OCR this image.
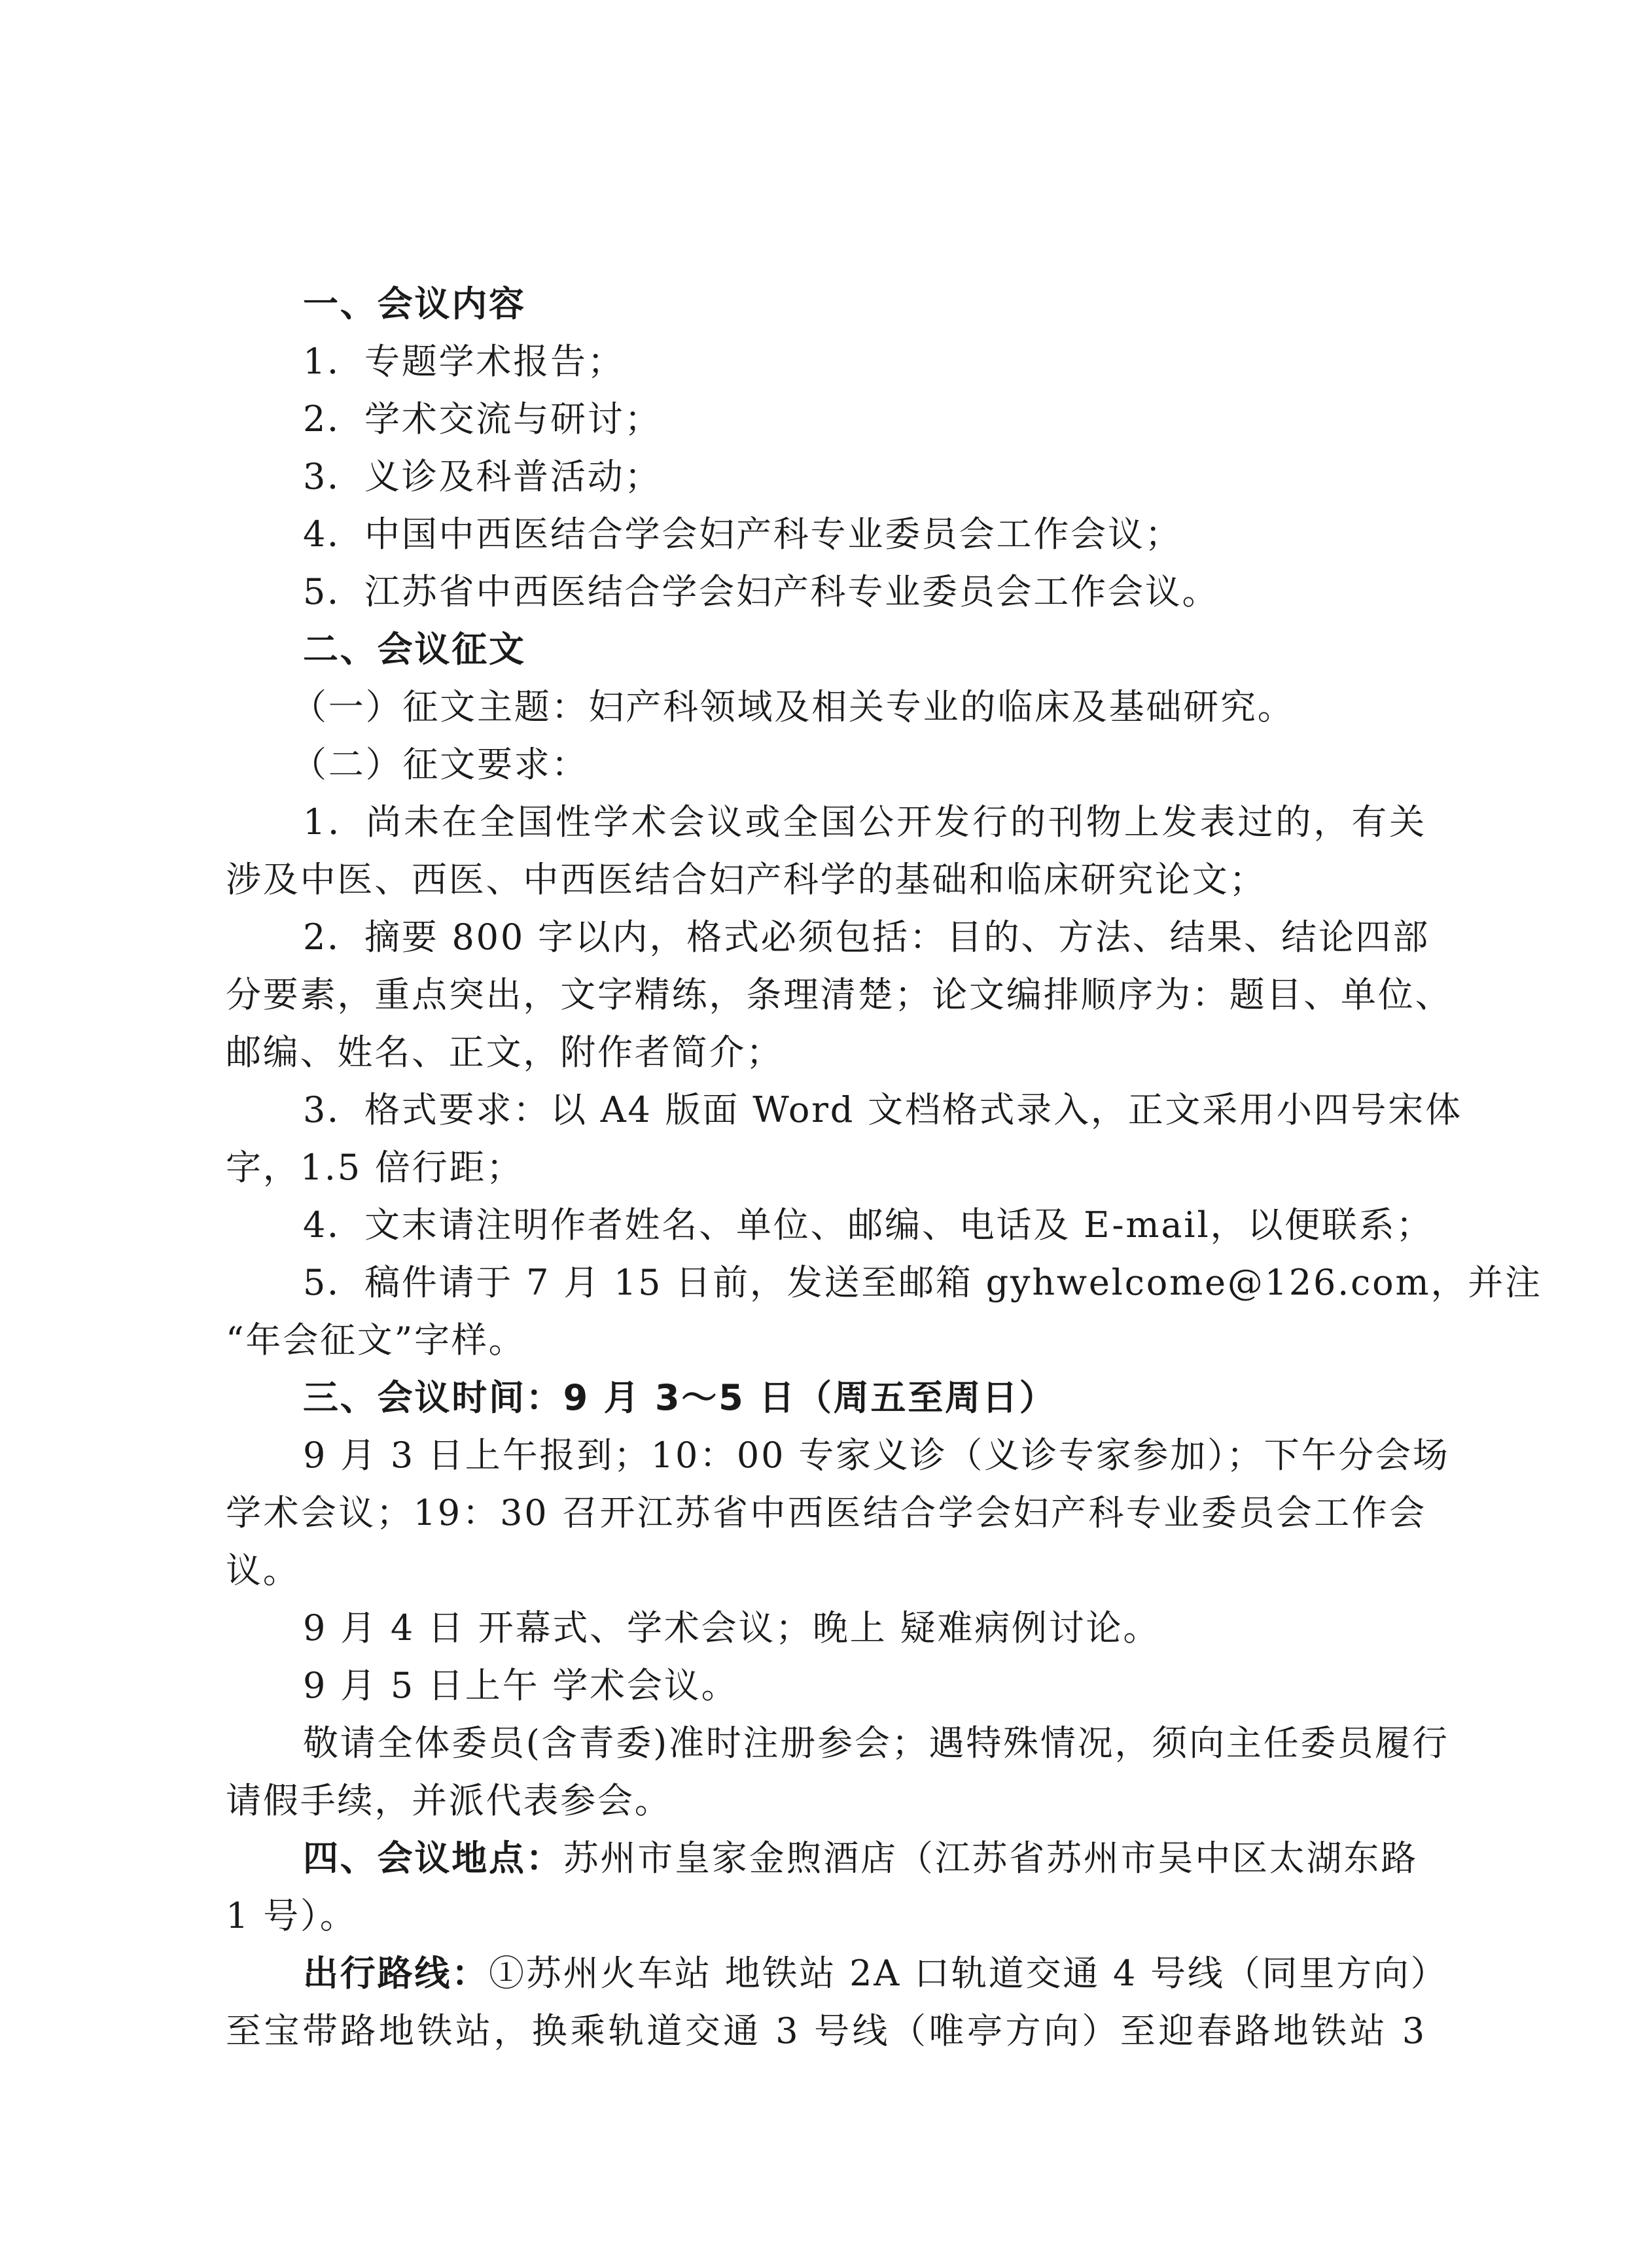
一、会议内容
1．专题学术报告；
2．学术交流与研讨；
3．义诊及科普活动；
4．中国中西医结合学会妇产科专业委员会工作会议；
5．江苏省中西医结合学会妇产科专业委员会工作会议。
二、会议征文
（一）征文主题：妇产科领域及相关专业的临床及基础研究。
（二）征文要求：
1．尚未在全国性学术会议或全国公开发行的刊物上发表过的，有关
涉及中医、西医、中西医结合妇产科学的基础和临床研究论文；
2．摘要 800 字以内，格式必须包括：目的、方法、结果、结论四部
分要素，重点突出，文字精练，条理清楚；论文编排顺序为：题目、单位、
邮编、姓名、正文，附作者简介；
3．格式要求：以 A4 版面 Word 文档格式录入，正文采用小四号宋体
字，1.5 倍行距；
4．文末请注明作者姓名、单位、邮编、电话及 E-mail，以便联系；
5．稿件请于 7 月 15 日前，发送至邮箱 gyhwelcome@126.com，并注
“年会征文”字样。
三、会议时间：9 月 3～5 日（周五至周日）
9 月 3 日上午报到；10：00 专家义诊（义诊专家参加）；下午分会场
学术会议；19：30 召开江苏省中西医结合学会妇产科专业委员会工作会
议。
9 月 4 日 开幕式、学术会议；晚上 疑难病例讨论。
9 月 5 日上午 学术会议。
敬请全体委员(含青委)准时注册参会；遇特殊情况，须向主任委员履行
请假手续，并派代表参会。
四、会议地点：苏州市皇家金煦酒店（江苏省苏州市吴中区太湖东路
1 号）。
出行路线：①苏州火车站 地铁站 2A 口轨道交通 4 号线（同里方向）
至宝带路地铁站，换乘轨道交通 3 号线（唯亭方向）至迎春路地铁站 3
